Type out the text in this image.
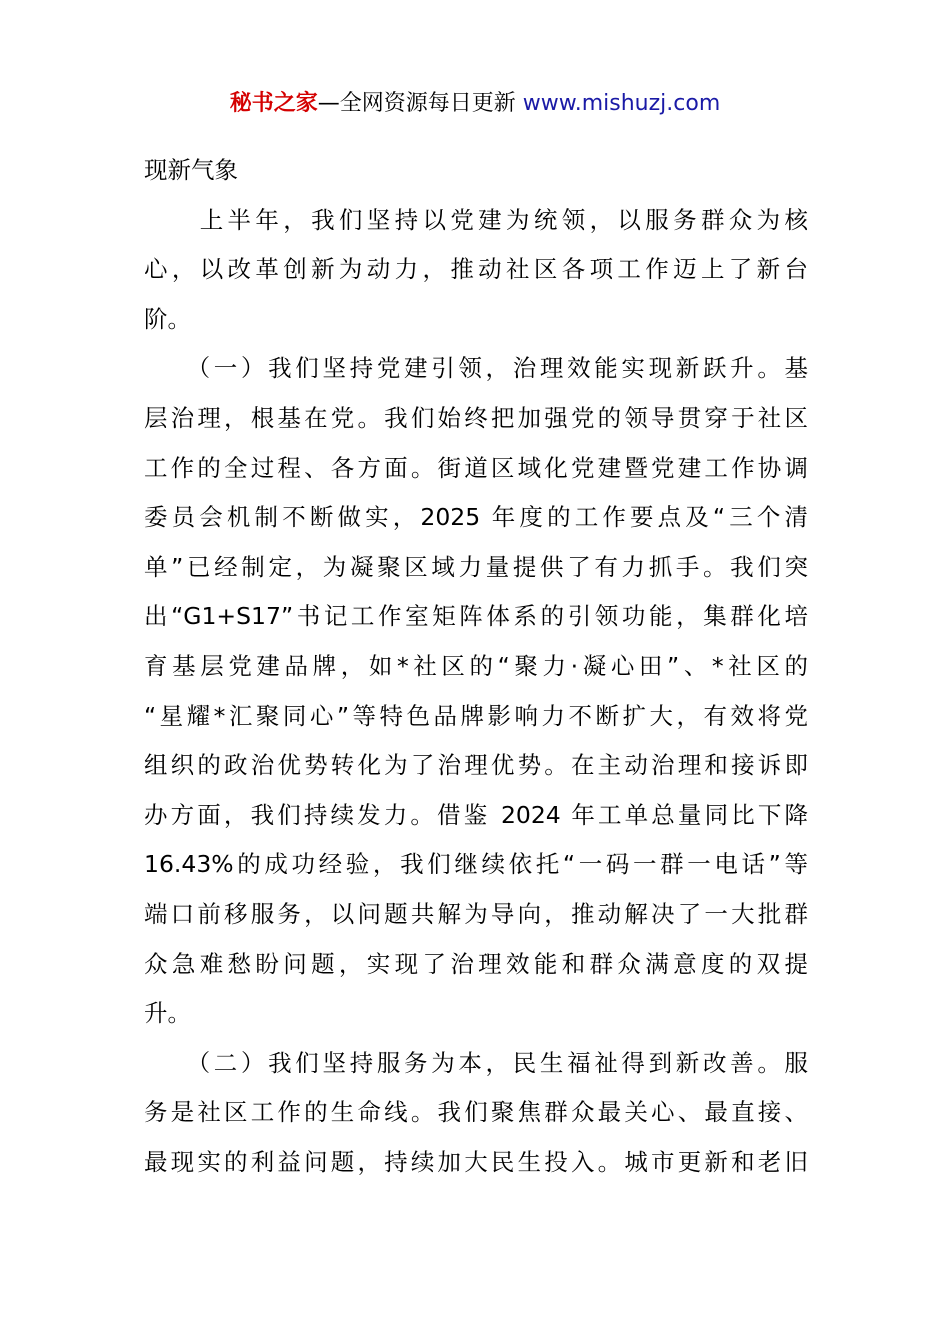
秘书之家—全网资源每日更新 www.mishuzj.com
现新气象
　　上半年，我们坚持以党建为统领，以服务群众为核
心，以改革创新为动力，推动社区各项工作迈上了新台
阶。
　　（一）我们坚持党建引领，治理效能实现新跃升。基
层治理，根基在党。我们始终把加强党的领导贯穿于社区
工作的全过程、各方面。街道区域化党建暨党建工作协调
委员会机制不断做实，2025 年度的工作要点及“三个清
单”已经制定，为凝聚区域力量提供了有力抓手。我们突
出“G1+S17”书记工作室矩阵体系的引领功能，集群化培
育基层党建品牌，如*社区的“聚力·凝心田”、*社区的
“星耀*汇聚同心”等特色品牌影响力不断扩大，有效将党
组织的政治优势转化为了治理优势。在主动治理和接诉即
办方面，我们持续发力。借鉴 2024 年工单总量同比下降
16.43%的成功经验，我们继续依托“一码一群一电话”等
端口前移服务，以问题共解为导向，推动解决了一大批群
众急难愁盼问题，实现了治理效能和群众满意度的双提
升。
　　（二）我们坚持服务为本，民生福祉得到新改善。服
务是社区工作的生命线。我们聚焦群众最关心、最直接、
最现实的利益问题，持续加大民生投入。城市更新和老旧
